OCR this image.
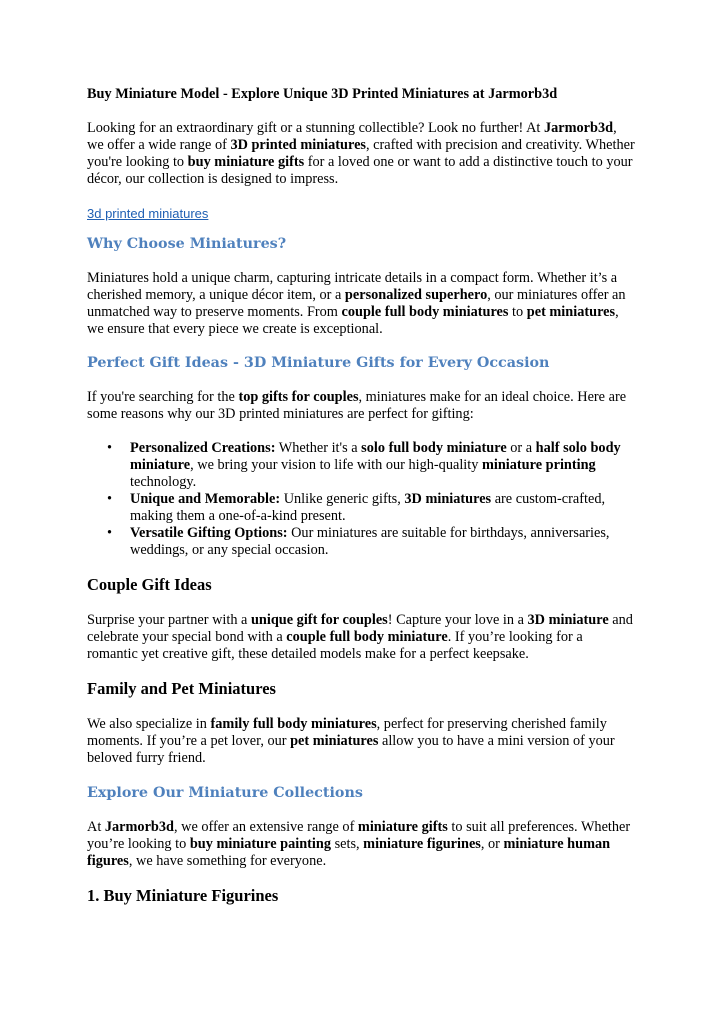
Buy Miniature Model - Explore Unique 3D Printed Miniatures at Jarmorb3d

Looking for an extraordinary gift or a stunning collectible? Look no further! At Jarmorb3d, we offer a wide range of 3D printed miniatures, crafted with precision and creativity. Whether you're looking to buy miniature gifts for a loved one or want to add a distinctive touch to your décor, our collection is designed to impress.

3d printed miniatures
Why Choose Miniatures?

Miniatures hold a unique charm, capturing intricate details in a compact form. Whether it’s a cherished memory, a unique décor item, or a personalized superhero, our miniatures offer an unmatched way to preserve moments. From couple full body miniatures to pet miniatures, we ensure that every piece we create is exceptional.

Perfect Gift Ideas - 3D Miniature Gifts for Every Occasion

If you're searching for the top gifts for couples, miniatures make for an ideal choice. Here are some reasons why our 3D printed miniatures are perfect for gifting:

• Personalized Creations: Whether it's a solo full body miniature or a half solo body miniature, we bring your vision to life with our high-quality miniature printing technology.
• Unique and Memorable: Unlike generic gifts, 3D miniatures are custom-crafted, making them a one-of-a-kind present.
• Versatile Gifting Options: Our miniatures are suitable for birthdays, anniversaries, weddings, or any special occasion.
Couple Gift Ideas

Surprise your partner with a unique gift for couples! Capture your love in a 3D miniature and celebrate your special bond with a couple full body miniature. If you’re looking for a romantic yet creative gift, these detailed models make for a perfect keepsake.

Family and Pet Miniatures

We also specialize in family full body miniatures, perfect for preserving cherished family moments. If you’re a pet lover, our pet miniatures allow you to have a mini version of your beloved furry friend.

Explore Our Miniature Collections

At Jarmorb3d, we offer an extensive range of miniature gifts to suit all preferences. Whether you’re looking to buy miniature painting sets, miniature figurines, or miniature human figures, we have something for everyone.

1. Buy Miniature Figurines
